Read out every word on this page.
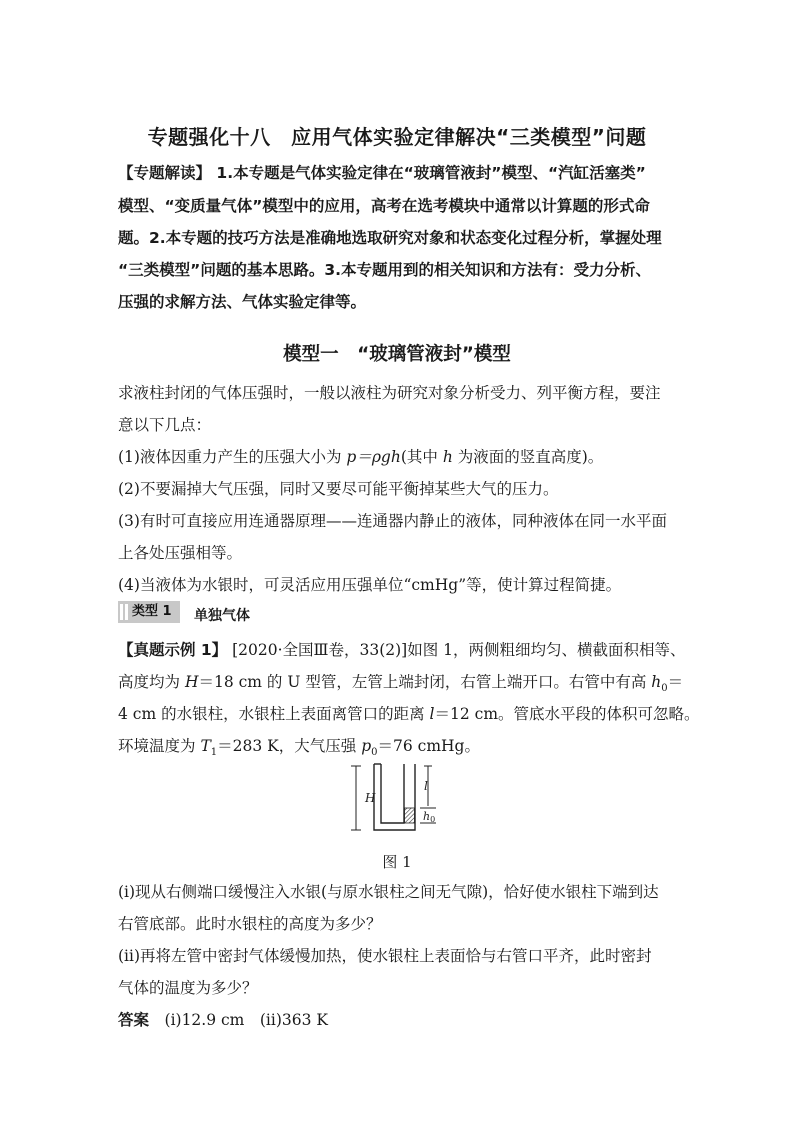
专题强化十八　应用气体实验定律解决“三类模型”问题
【专题解读】 1.本专题是气体实验定律在“玻璃管液封”模型、“汽缸活塞类”
模型、“变质量气体”模型中的应用，高考在选考模块中通常以计算题的形式命
题。2.本专题的技巧方法是准确地选取研究对象和状态变化过程分析，掌握处理
“三类模型”问题的基本思路。3.本专题用到的相关知识和方法有：受力分析、
压强的求解方法、气体实验定律等。
模型一　“玻璃管液封”模型
求液柱封闭的气体压强时，一般以液柱为研究对象分析受力、列平衡方程，要注
意以下几点：
(1)液体因重力产生的压强大小为 p＝ρgh(其中 h 为液面的竖直高度)。
(2)不要漏掉大气压强，同时又要尽可能平衡掉某些大气的压力。
(3)有时可直接应用连通器原理——连通器内静止的液体，同种液体在同一水平面
上各处压强相等。
(4)当液体为水银时，可灵活应用压强单位“cmHg”等，使计算过程简捷。
类型 1	单独气体
【真题示例 1】 [2020·全国Ⅲ卷，33(2)]如图 1，两侧粗细均匀、横截面积相等、
高度均为 H＝18 cm 的 U 型管，左管上端封闭，右管上端开口。右管中有高 $h_0=$
4 cm 的水银柱，水银柱上表面离管口的距离 l＝12 cm。管底水平段的体积可忽略。
环境温度为 $T_1=283$ K，大气压强 $p_0=76$ cmHg。
H
l
h0
图 1
(ⅰ)现从右侧端口缓慢注入水银(与原水银柱之间无气隙)，恰好使水银柱下端到达
右管底部。此时水银柱的高度为多少？
(ⅱ)再将左管中密封气体缓慢加热，使水银柱上表面恰与右管口平齐，此时密封
气体的温度为多少？
答案　(ⅰ)12.9 cm　(ⅱ)363 K
